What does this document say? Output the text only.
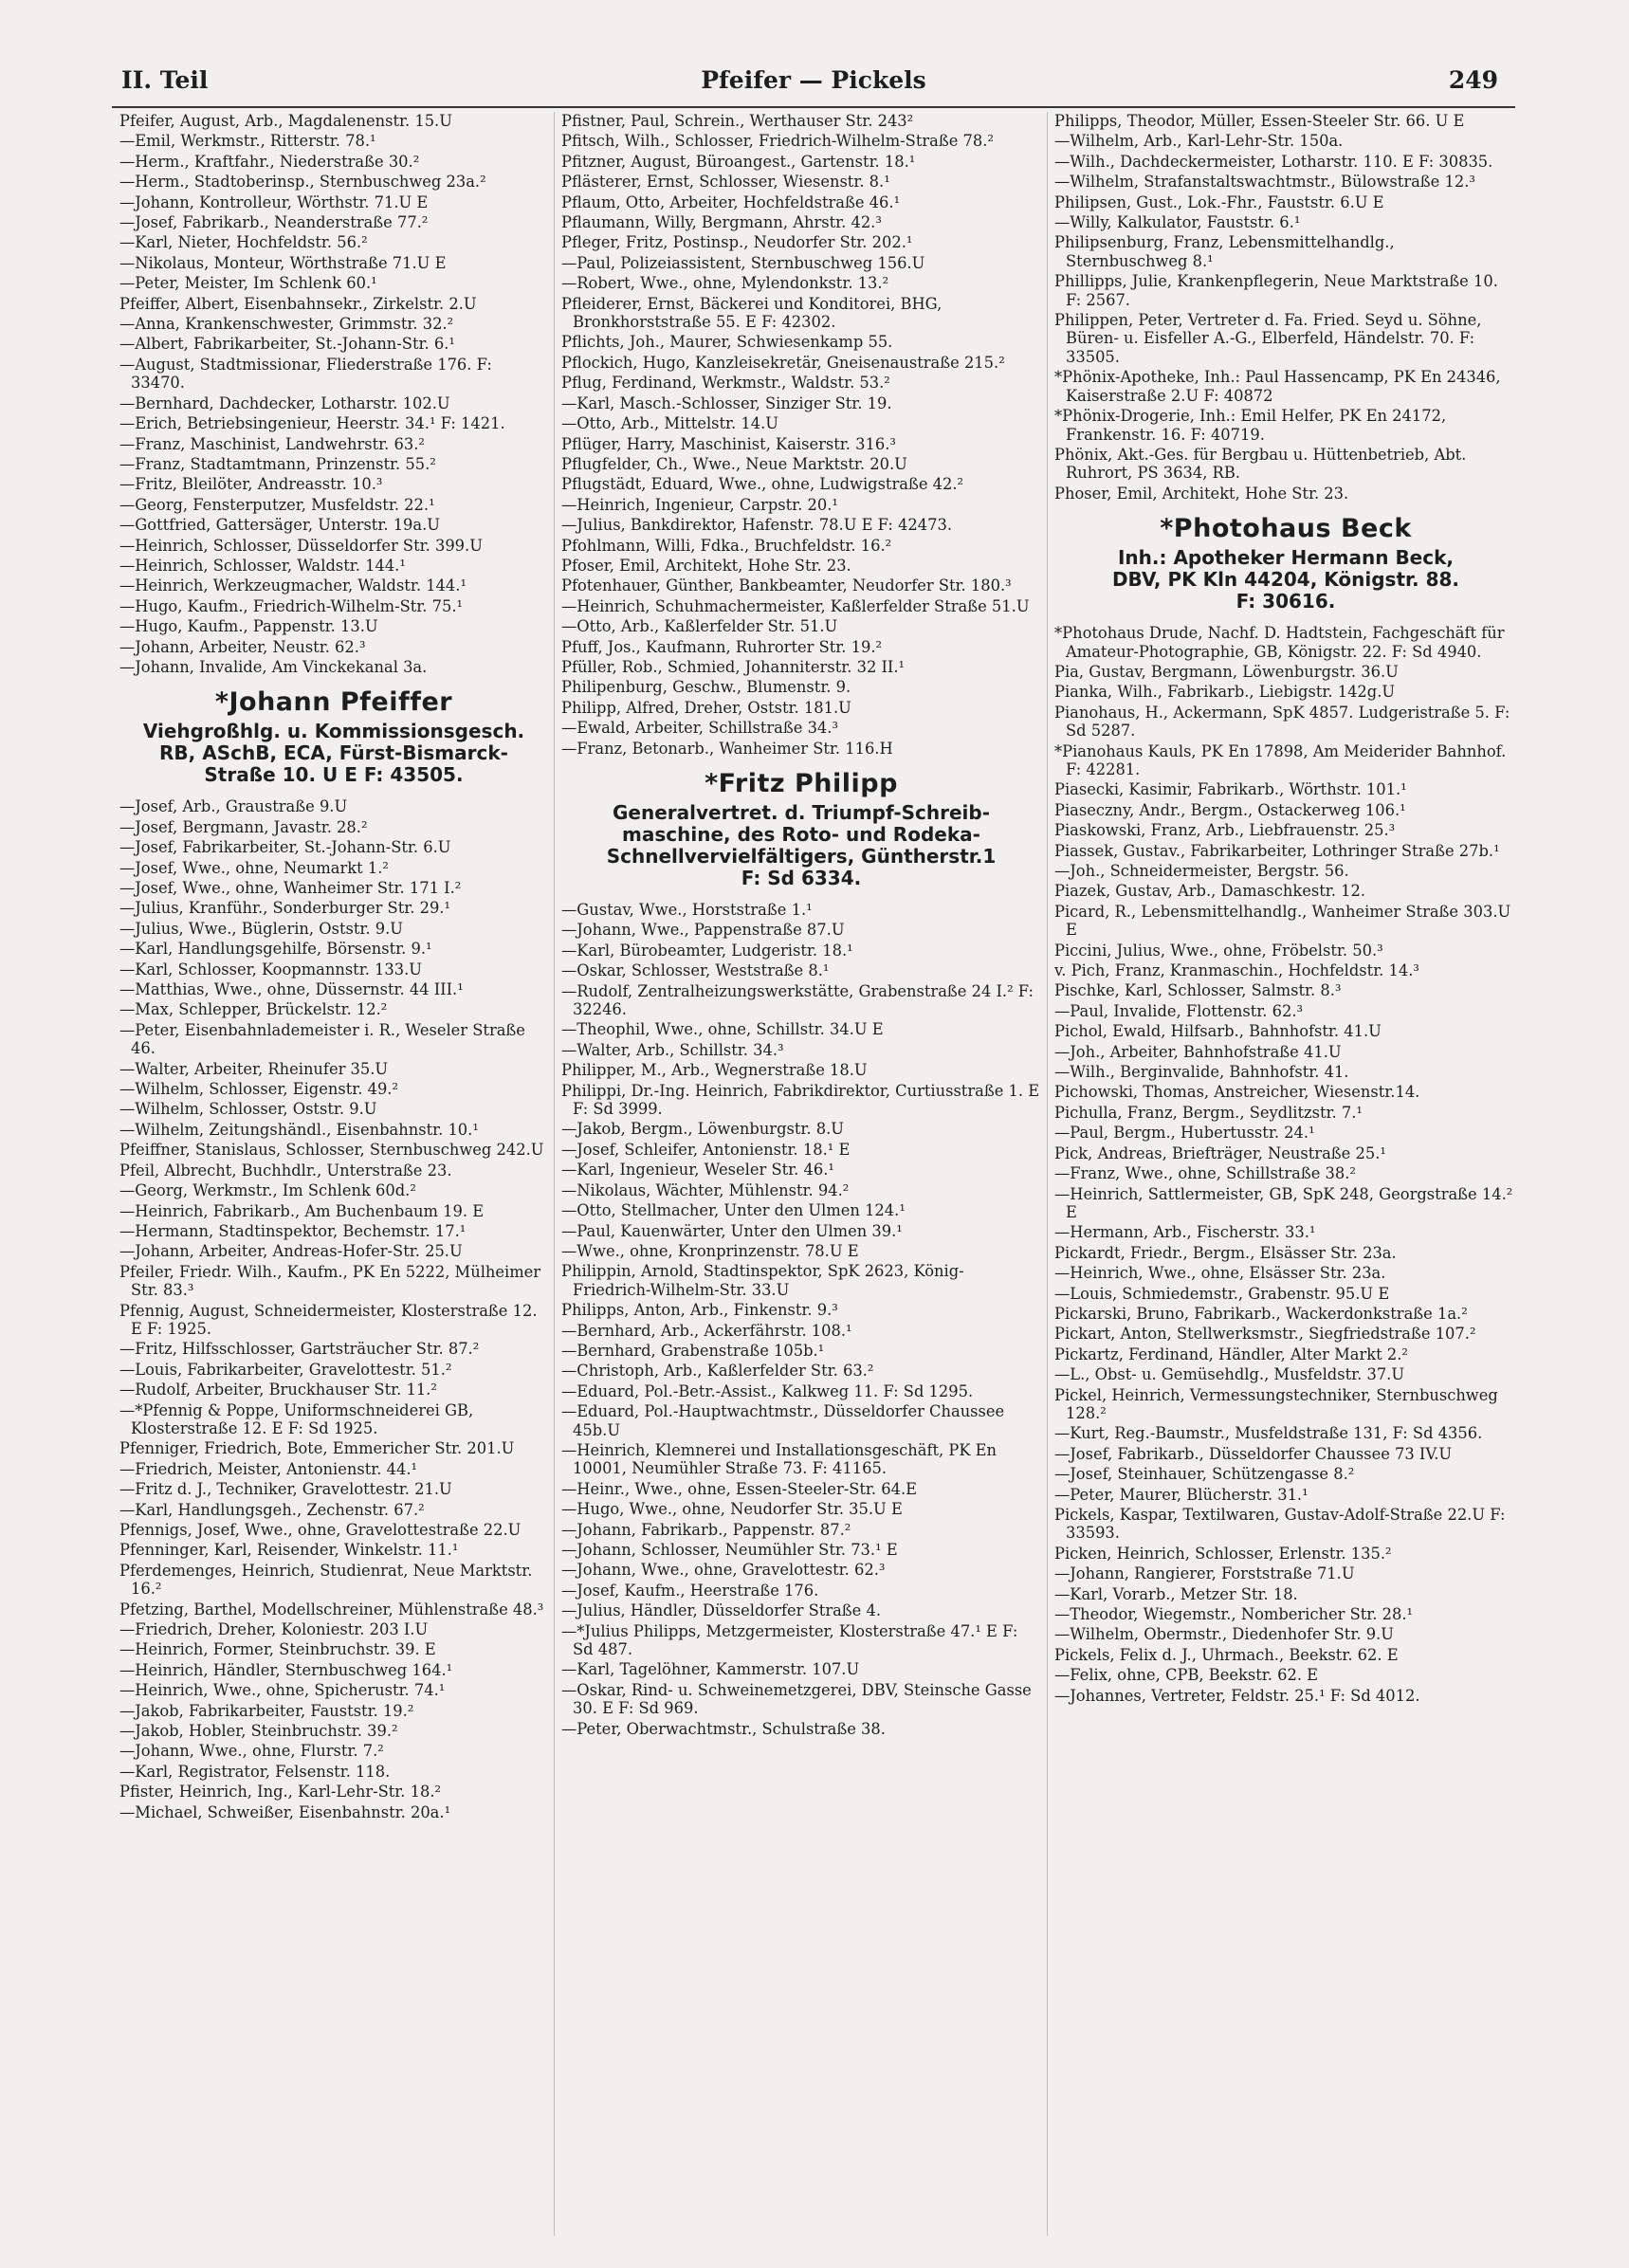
II. Teil	Pfeifer — Pickels	249
Pfeifer, August, Arb., Magdalenenstr. 15.U
—Emil, Werkmstr., Ritterstr. 78.¹
—Herm., Kraftfahr., Niederstraße 30.²
—Herm., Stadtoberinsp., Sternbuschweg 23a.²
—Johann, Kontrolleur, Wörthstr. 71.U E
—Josef, Fabrikarb., Neanderstraße 77.²
—Karl, Nieter, Hochfeldstr. 56.²
—Nikolaus, Monteur, Wörthstraße 71.U E
—Peter, Meister, Im Schlenk 60.¹
Pfeiffer, Albert, Eisenbahnsekr., Zirkelstr. 2.U
—Anna, Krankenschwester, Grimmstr. 32.²
—Albert, Fabrikarbeiter, St.-Johann-Str. 6.¹
—August, Stadtmissionar, Fliederstraße 176. F: 33470.
—Bernhard, Dachdecker, Lotharstr. 102.U
—Erich, Betriebsingenieur, Heerstr. 34.¹ F: 1421.
—Franz, Maschinist, Landwehrstr. 63.²
—Franz, Stadtamtmann, Prinzenstr. 55.²
—Fritz, Bleilöter, Andreasstr. 10.³
—Georg, Fensterputzer, Musfeldstr. 22.¹
—Gottfried, Gattersäger, Unterstr. 19a.U
—Heinrich, Schlosser, Düsseldorfer Str. 399.U
—Heinrich, Schlosser, Waldstr. 144.¹
—Heinrich, Werkzeugmacher, Waldstr. 144.¹
—Hugo, Kaufm., Friedrich-Wilhelm-Str. 75.¹
—Hugo, Kaufm., Pappenstr. 13.U
—Johann, Arbeiter, Neustr. 62.³
—Johann, Invalide, Am Vinckekanal 3a.
*Johann Pfeiffer
Viehgroßhlg. u. Kommissionsgesch.
RB, ASchB, ECA, Fürst-Bismarck-
Straße 10. U E F: 43505.
—Josef, Arb., Graustraße 9.U
—Josef, Bergmann, Javastr. 28.²
—Josef, Fabrikarbeiter, St.-Johann-Str. 6.U
—Josef, Wwe., ohne, Neumarkt 1.²
—Josef, Wwe., ohne, Wanheimer Str. 171 I.²
—Julius, Kranführ., Sonderburger Str. 29.¹
—Julius, Wwe., Büglerin, Oststr. 9.U
—Karl, Handlungsgehilfe, Börsenstr. 9.¹
—Karl, Schlosser, Koopmannstr. 133.U
—Matthias, Wwe., ohne, Düssernstr. 44 III.¹
—Max, Schlepper, Brückelstr. 12.²
—Peter, Eisenbahnlademeister i. R., Weseler Straße 46.
—Walter, Arbeiter, Rheinufer 35.U
—Wilhelm, Schlosser, Eigenstr. 49.²
—Wilhelm, Schlosser, Oststr. 9.U
—Wilhelm, Zeitungshändl., Eisenbahnstr. 10.¹
Pfeiffner, Stanislaus, Schlosser, Sternbuschweg 242.U
Pfeil, Albrecht, Buchhdlr., Unterstraße 23.
—Georg, Werkmstr., Im Schlenk 60d.²
—Heinrich, Fabrikarb., Am Buchenbaum 19. E
—Hermann, Stadtinspektor, Bechemstr. 17.¹
—Johann, Arbeiter, Andreas-Hofer-Str. 25.U
Pfeiler, Friedr. Wilh., Kaufm., PK En 5222, Mülheimer Str. 83.³
Pfennig, August, Schneidermeister, Klosterstraße 12. E F: 1925.
—Fritz, Hilfsschlosser, Gartsträucher Str. 87.²
—Louis, Fabrikarbeiter, Gravelottestr. 51.²
—Rudolf, Arbeiter, Bruckhauser Str. 11.²
—*Pfennig & Poppe, Uniformschneiderei GB, Klosterstraße 12. E F: Sd 1925.
Pfenniger, Friedrich, Bote, Emmericher Str. 201.U
—Friedrich, Meister, Antonienstr. 44.¹
—Fritz d. J., Techniker, Gravelottestr. 21.U
—Karl, Handlungsgeh., Zechenstr. 67.²
Pfennigs, Josef, Wwe., ohne, Gravelottestraße 22.U
Pfenninger, Karl, Reisender, Winkelstr. 11.¹
Pferdemenges, Heinrich, Studienrat, Neue Marktstr. 16.²
Pfetzing, Barthel, Modellschreiner, Mühlenstraße 48.³
—Friedrich, Dreher, Koloniestr. 203 I.U
—Heinrich, Former, Steinbruchstr. 39. E
—Heinrich, Händler, Sternbuschweg 164.¹
—Heinrich, Wwe., ohne, Spicherustr. 74.¹
—Jakob, Fabrikarbeiter, Fauststr. 19.²
—Jakob, Hobler, Steinbruchstr. 39.²
—Johann, Wwe., ohne, Flurstr. 7.²
—Karl, Registrator, Felsenstr. 118.
Pfister, Heinrich, Ing., Karl-Lehr-Str. 18.²
—Michael, Schweißer, Eisenbahnstr. 20a.¹
Pfistner, Paul, Schrein., Werthauser Str. 243²
Pfitsch, Wilh., Schlosser, Friedrich-Wilhelm-Straße 78.²
Pfitzner, August, Büroangest., Gartenstr. 18.¹
Pflästerer, Ernst, Schlosser, Wiesenstr. 8.¹
Pflaum, Otto, Arbeiter, Hochfeldstraße 46.¹
Pflaumann, Willy, Bergmann, Ahrstr. 42.³
Pfleger, Fritz, Postinsp., Neudorfer Str. 202.¹
—Paul, Polizeiassistent, Sternbuschweg 156.U
—Robert, Wwe., ohne, Mylendonkstr. 13.²
Pfleiderer, Ernst, Bäckerei und Konditorei, BHG, Bronkhorststraße 55. E F: 42302.
Pflichts, Joh., Maurer, Schwiesenkamp 55.
Pflockich, Hugo, Kanzleisekretär, Gneisenaustraße 215.²
Pflug, Ferdinand, Werkmstr., Waldstr. 53.²
—Karl, Masch.-Schlosser, Sinziger Str. 19.
—Otto, Arb., Mittelstr. 14.U
Pflüger, Harry, Maschinist, Kaiserstr. 316.³
Pflugfelder, Ch., Wwe., Neue Marktstr. 20.U
Pflugstädt, Eduard, Wwe., ohne, Ludwigstraße 42.²
—Heinrich, Ingenieur, Carpstr. 20.¹
—Julius, Bankdirektor, Hafenstr. 78.U E F: 42473.
Pfohlmann, Willi, Fdka., Bruchfeldstr. 16.²
Pfoser, Emil, Architekt, Hohe Str. 23.
Pfotenhauer, Günther, Bankbeamter, Neudorfer Str. 180.³
—Heinrich, Schuhmachermeister, Kaßlerfelder Straße 51.U
—Otto, Arb., Kaßlerfelder Str. 51.U
Pfuff, Jos., Kaufmann, Ruhrorter Str. 19.²
Pfüller, Rob., Schmied, Johanniterstr. 32 II.¹
Philipenburg, Geschw., Blumenstr. 9.
Philipp, Alfred, Dreher, Oststr. 181.U
—Ewald, Arbeiter, Schillstraße 34.³
—Franz, Betonarb., Wanheimer Str. 116.H
*Fritz Philipp
Generalvertret. d. Triumpf-Schreib-
maschine, des Roto- und Rodeka-
Schnellvervielfältigers, Güntherstr.1
F: Sd 6334.
—Gustav, Wwe., Horststraße 1.¹
—Johann, Wwe., Pappenstraße 87.U
—Karl, Bürobeamter, Ludgeristr. 18.¹
—Oskar, Schlosser, Weststraße 8.¹
—Rudolf, Zentralheizungswerkstätte, Grabenstraße 24 I.² F: 32246.
—Theophil, Wwe., ohne, Schillstr. 34.U E
—Walter, Arb., Schillstr. 34.³
Philipper, M., Arb., Wegnerstraße 18.U
Philippi, Dr.-Ing. Heinrich, Fabrikdirektor, Curtiusstraße 1. E F: Sd 3999.
—Jakob, Bergm., Löwenburgstr. 8.U
—Josef, Schleifer, Antonienstr. 18.¹ E
—Karl, Ingenieur, Weseler Str. 46.¹
—Nikolaus, Wächter, Mühlenstr. 94.²
—Otto, Stellmacher, Unter den Ulmen 124.¹
—Paul, Kauenwärter, Unter den Ulmen 39.¹
—Wwe., ohne, Kronprinzenstr. 78.U E
Philippin, Arnold, Stadtinspektor, SpK 2623, König-Friedrich-Wilhelm-Str. 33.U
Philipps, Anton, Arb., Finkenstr. 9.³
—Bernhard, Arb., Ackerfährstr. 108.¹
—Bernhard, Grabenstraße 105b.¹
—Christoph, Arb., Kaßlerfelder Str. 63.²
—Eduard, Pol.-Betr.-Assist., Kalkweg 11. F: Sd 1295.
—Eduard, Pol.-Hauptwachtmstr., Düsseldorfer Chaussee 45b.U
—Heinrich, Klemnerei und Installationsgeschäft, PK En 10001, Neumühler Straße 73. F: 41165.
—Heinr., Wwe., ohne, Essen-Steeler-Str. 64.E
—Hugo, Wwe., ohne, Neudorfer Str. 35.U E
—Johann, Fabrikarb., Pappenstr. 87.²
—Johann, Schlosser, Neumühler Str. 73.¹ E
—Johann, Wwe., ohne, Gravelottestr. 62.³
—Josef, Kaufm., Heerstraße 176.
—Julius, Händler, Düsseldorfer Straße 4.
—*Julius Philipps, Metzgermeister, Klosterstraße 47.¹ E F: Sd 487.
—Karl, Tagelöhner, Kammerstr. 107.U
—Oskar, Rind- u. Schweinemetzgerei, DBV, Steinsche Gasse 30. E F: Sd 969.
—Peter, Oberwachtmstr., Schulstraße 38.
Philipps, Theodor, Müller, Essen-Steeler Str. 66. U E
—Wilhelm, Arb., Karl-Lehr-Str. 150a.
—Wilh., Dachdeckermeister, Lotharstr. 110. E F: 30835.
—Wilhelm, Strafanstaltswachtmstr., Bülowstraße 12.³
Philipsen, Gust., Lok.-Fhr., Fauststr. 6.U E
—Willy, Kalkulator, Fauststr. 6.¹
Philipsenburg, Franz, Lebensmittelhandlg., Sternbuschweg 8.¹
Phillipps, Julie, Krankenpflegerin, Neue Marktstraße 10. F: 2567.
Philippen, Peter, Vertreter d. Fa. Fried. Seyd u. Söhne, Büren- u. Eisfeller A.-G., Elberfeld, Händelstr. 70. F: 33505.
*Phönix-Apotheke, Inh.: Paul Hassencamp, PK En 24346, Kaiserstraße 2.U F: 40872
*Phönix-Drogerie, Inh.: Emil Helfer, PK En 24172, Frankenstr. 16. F: 40719.
Phönix, Akt.-Ges. für Bergbau u. Hüttenbetrieb, Abt. Ruhrort, PS 3634, RB.
Phoser, Emil, Architekt, Hohe Str. 23.
*Photohaus Beck
Inh.: Apotheker Hermann Beck,
DBV, PK Kln 44204, Königstr. 88.
F: 30616.
*Photohaus Drude, Nachf. D. Hadtstein, Fachgeschäft für Amateur-Photographie, GB, Königstr. 22. F: Sd 4940.
Pia, Gustav, Bergmann, Löwenburgstr. 36.U
Pianka, Wilh., Fabrikarb., Liebigstr. 142g.U
Pianohaus, H., Ackermann, SpK 4857. Ludgeristraße 5. F: Sd 5287.
*Pianohaus Kauls, PK En 17898, Am Meiderider Bahnhof. F: 42281.
Piasecki, Kasimir, Fabrikarb., Wörthstr. 101.¹
Piaseczny, Andr., Bergm., Ostackerweg 106.¹
Piaskowski, Franz, Arb., Liebfrauenstr. 25.³
Piassek, Gustav., Fabrikarbeiter, Lothringer Straße 27b.¹
—Joh., Schneidermeister, Bergstr. 56.
Piazek, Gustav, Arb., Damaschkestr. 12.
Picard, R., Lebensmittelhandlg., Wanheimer Straße 303.U E
Piccini, Julius, Wwe., ohne, Fröbelstr. 50.³
v. Pich, Franz, Kranmaschin., Hochfeldstr. 14.³
Pischke, Karl, Schlosser, Salmstr. 8.³
—Paul, Invalide, Flottenstr. 62.³
Pichol, Ewald, Hilfsarb., Bahnhofstr. 41.U
—Joh., Arbeiter, Bahnhofstraße 41.U
—Wilh., Berginvalide, Bahnhofstr. 41.
Pichowski, Thomas, Anstreicher, Wiesenstr.14.
Pichulla, Franz, Bergm., Seydlitzstr. 7.¹
—Paul, Bergm., Hubertusstr. 24.¹
Pick, Andreas, Briefträger, Neustraße 25.¹
—Franz, Wwe., ohne, Schillstraße 38.²
—Heinrich, Sattlermeister, GB, SpK 248, Georgstraße 14.² E
—Hermann, Arb., Fischerstr. 33.¹
Pickardt, Friedr., Bergm., Elsässer Str. 23a.
—Heinrich, Wwe., ohne, Elsässer Str. 23a.
—Louis, Schmiedemstr., Grabenstr. 95.U E
Pickarski, Bruno, Fabrikarb., Wackerdonkstraße 1a.²
Pickart, Anton, Stellwerksmstr., Siegfriedstraße 107.²
Pickartz, Ferdinand, Händler, Alter Markt 2.²
—L., Obst- u. Gemüsehdlg., Musfeldstr. 37.U
Pickel, Heinrich, Vermessungstechniker, Sternbuschweg 128.²
—Kurt, Reg.-Baumstr., Musfeldstraße 131, F: Sd 4356.
—Josef, Fabrikarb., Düsseldorfer Chaussee 73 IV.U
—Josef, Steinhauer, Schützengasse 8.²
—Peter, Maurer, Blücherstr. 31.¹
Pickels, Kaspar, Textilwaren, Gustav-Adolf-Straße 22.U F: 33593.
Picken, Heinrich, Schlosser, Erlenstr. 135.²
—Johann, Rangierer, Forststraße 71.U
—Karl, Vorarb., Metzer Str. 18.
—Theodor, Wiegemstr., Nombericher Str. 28.¹
—Wilhelm, Obermstr., Diedenhofer Str. 9.U
Pickels, Felix d. J., Uhrmach., Beekstr. 62. E
—Felix, ohne, CPB, Beekstr. 62. E
—Johannes, Vertreter, Feldstr. 25.¹ F: Sd 4012.
